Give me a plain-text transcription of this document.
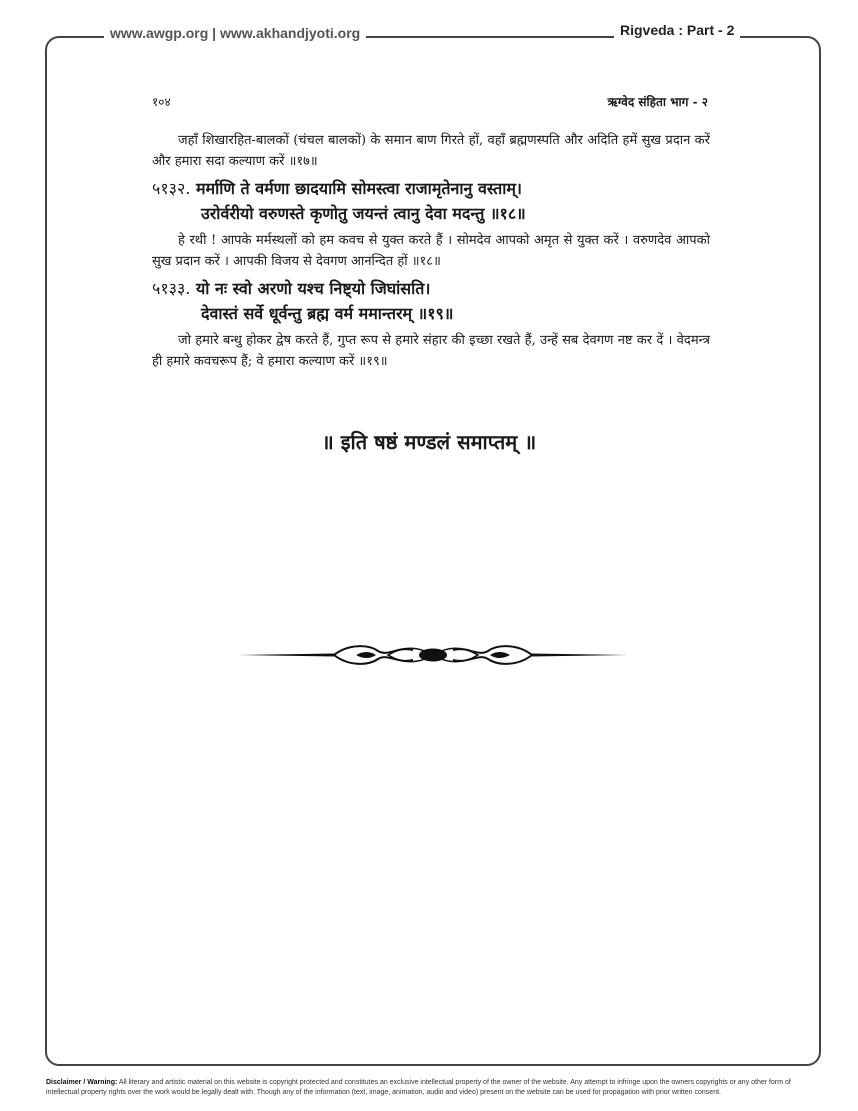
www.awgp.org | www.akhandjyoti.org	Rigveda : Part - 2
१०४	ऋग्वेद संहिता भाग - २

जहाँ शिखारहित-बालकों (चंचल बालकों) के समान बाण गिरते हों, वहाँ ब्रह्मणस्पति और अदिति हमें सुख प्रदान करें और हमारा सदा कल्याण करें ॥१७॥

५१३२. मर्माणि ते वर्मणा छादयामि सोमस्त्वा राजामृतेनानु वस्ताम्।
उरोर्वरीयो वरुणस्ते कृणोतु जयन्तं त्वानु देवा मदन्तु ॥१८॥

हे रथी ! आपके मर्मस्थलों को हम कवच से युक्त करते हैं । सोमदेव आपको अमृत से युक्त करें । वरुणदेव आपको सुख प्रदान करें । आपकी विजय से देवगण आनन्दित हों ॥१८॥

५१३३. यो नः स्वो अरणो यश्च निष्ट्यो जिघांसति।
देवास्तं सर्वे धूर्वन्तु ब्रह्म वर्म ममान्तरम् ॥१९॥

जो हमारे बन्धु होकर द्वेष करते हैं, गुप्त रूप से हमारे संहार की इच्छा रखते हैं, उन्हें सब देवगण नष्ट कर दें । वेदमन्त्र ही हमारे कवचरूप हैं; वे हमारा कल्याण करें ॥१९॥

॥ इति षष्ठं मण्डलं समाप्तम् ॥
Disclaimer / Warning: All literary and artistic material on this website is copyright protected and constitutes an exclusive intellectual property of the owner of the website. Any attempt to infringe upon the owners copyrights or any other form of intellectual property rights over the work would be legally dealt with. Though any of the information (text, image, animation, audio and video) present on the website can be used for propagation with prior written consent.
